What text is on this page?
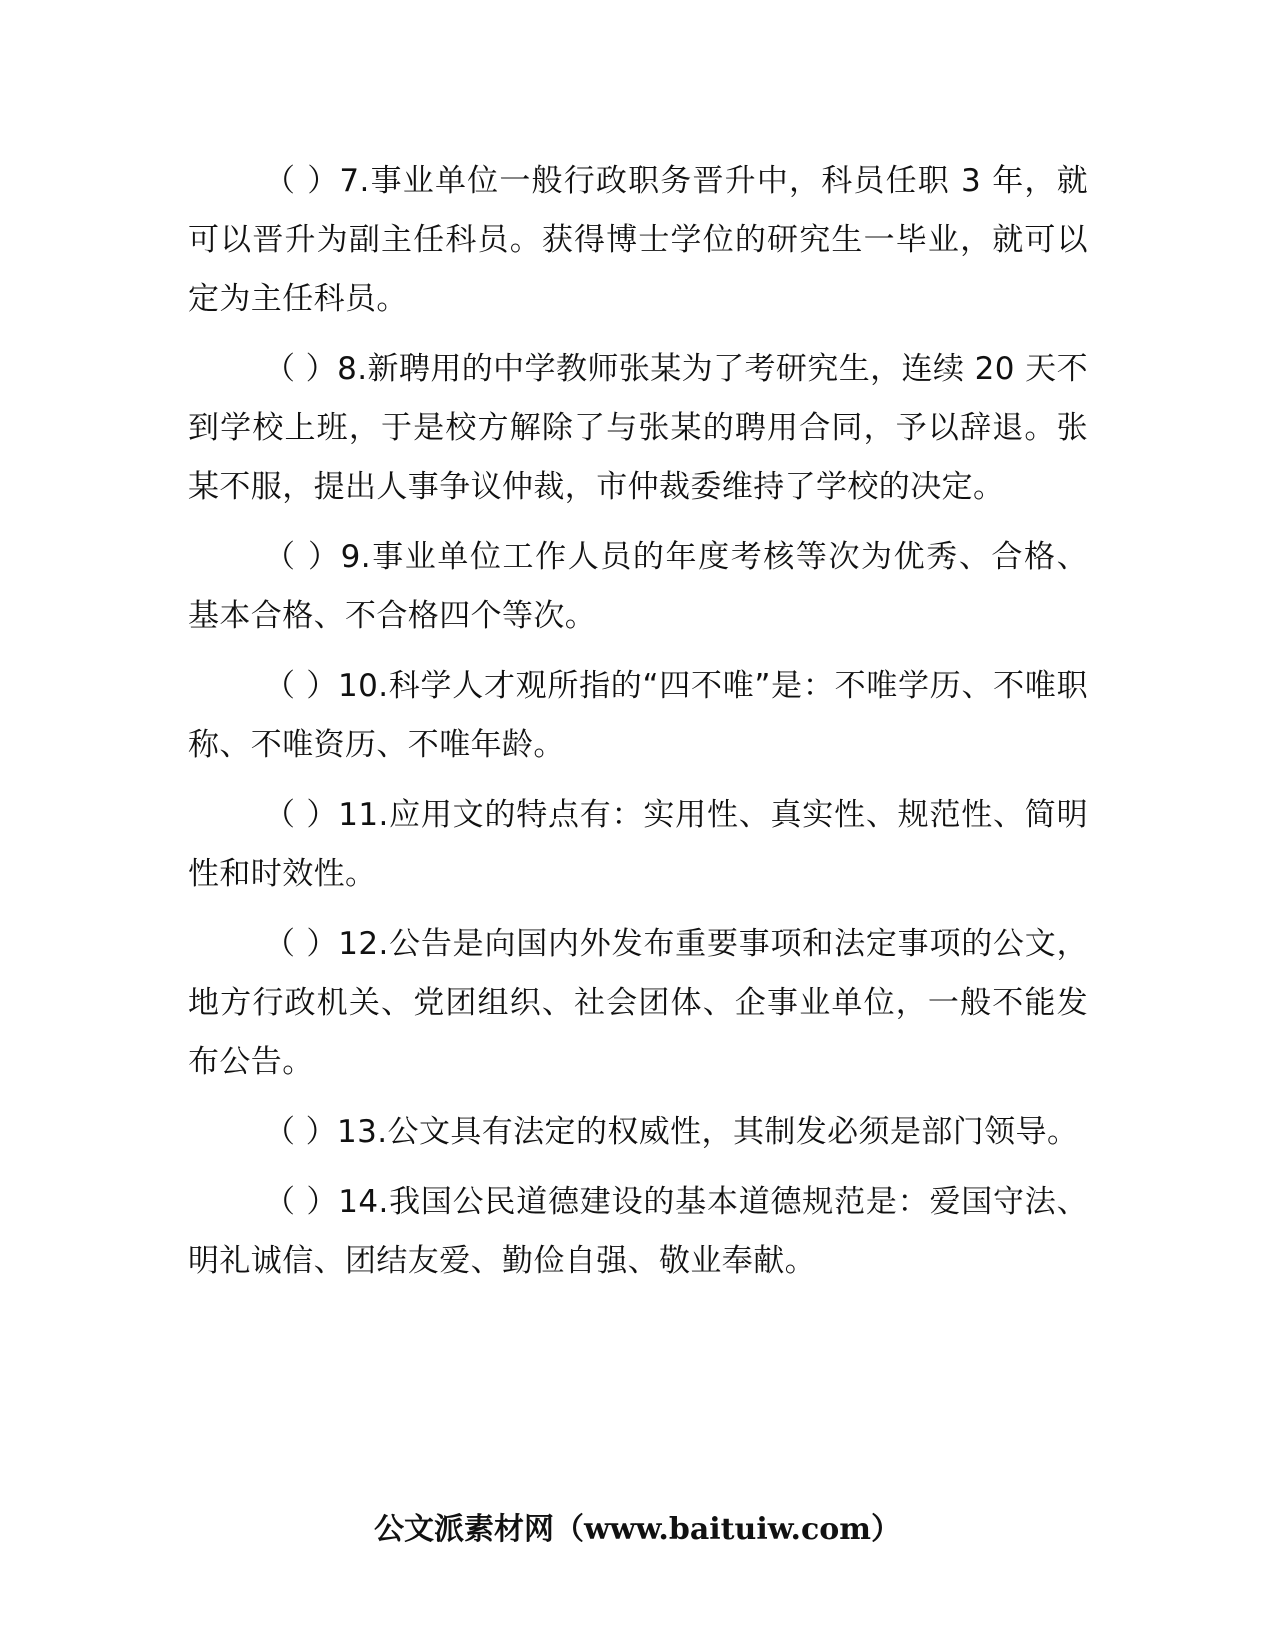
（ ）7.事业单位一般行政职务晋升中，科员任职 3 年，就可以晋升为副主任科员。获得博士学位的研究生一毕业，就可以定为主任科员。

（ ）8.新聘用的中学教师张某为了考研究生，连续 20 天不到学校上班，于是校方解除了与张某的聘用合同，予以辞退。张某不服，提出人事争议仲裁，市仲裁委维持了学校的决定。

（ ）9.事业单位工作人员的年度考核等次为优秀、合格、基本合格、不合格四个等次。

（ ）10.科学人才观所指的“四不唯”是：不唯学历、不唯职称、不唯资历、不唯年龄。

（ ）11.应用文的特点有：实用性、真实性、规范性、简明性和时效性。

（ ）12.公告是向国内外发布重要事项和法定事项的公文，地方行政机关、党团组织、社会团体、企事业单位，一般不能发布公告。

（ ）13.公文具有法定的权威性，其制发必须是部门领导。

（ ）14.我国公民道德建设的基本道德规范是：爱国守法、明礼诚信、团结友爱、勤俭自强、敬业奉献。

公文派素材网（www.baituiw.com）
